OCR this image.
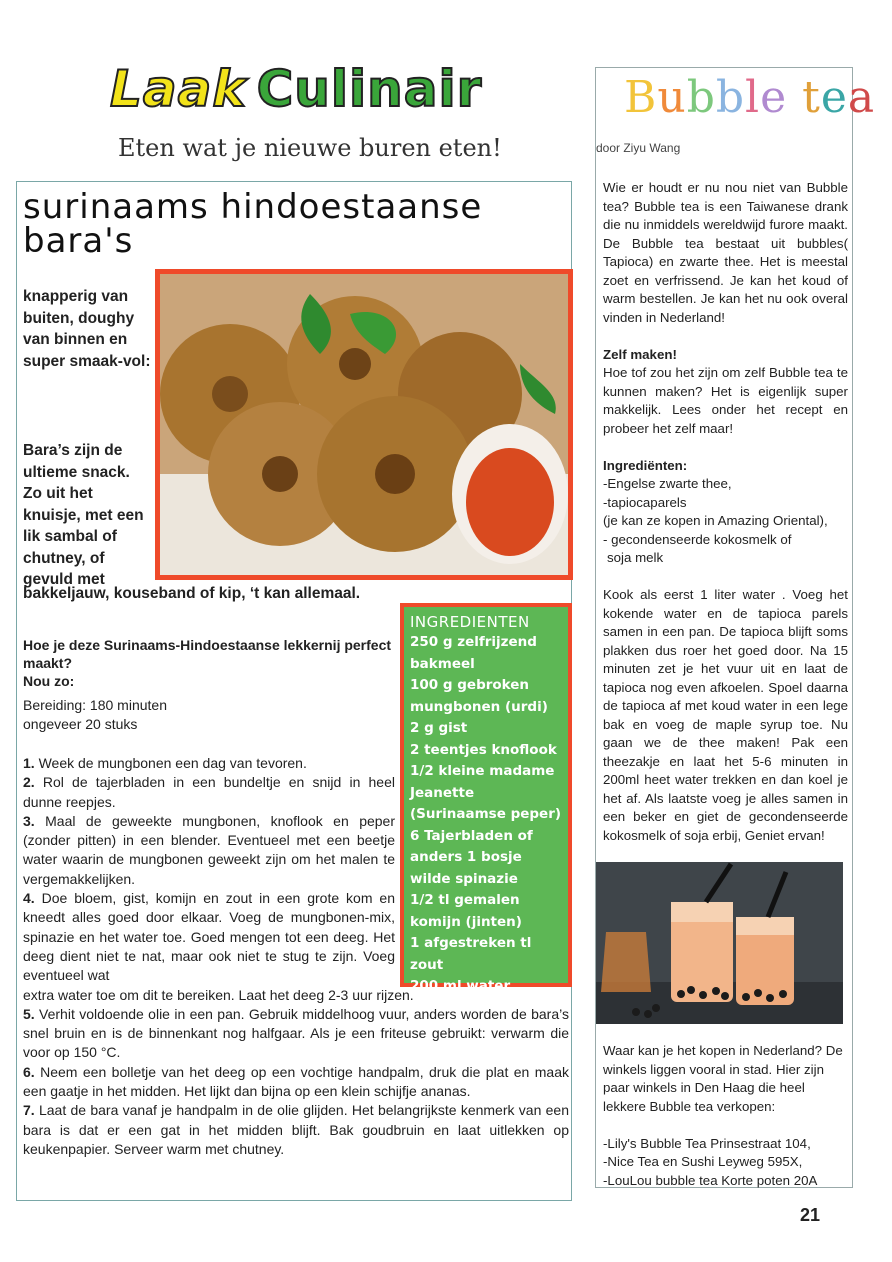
Laak Culinair
Eten wat je nieuwe buren eten!
surinaams hindoestaanse bara's
knapperig van buiten, doughy van binnen en super smaak-vol:
Bara’s zijn de ultieme snack. Zo uit het knuisje, met een lik sambal of chutney, of gevuld met
bakkeljauw, kouseband of kip, ‘t kan allemaal.
Hoe je deze Surinaams-Hindoestaanse lekkernij perfect maakt?
Nou zo:
Bereiding: 180 minuten
ongeveer 20 stuks

1. Week de mungbonen een dag van tevoren.

2. Rol de tajerbladen in een bundeltje en snijd in heel dunne reepjes.

3. Maal de geweekte mungbonen, knoflook en peper (zonder pitten) in een blender. Eventueel met een beetje water waarin de mungbonen geweekt zijn om het malen te vergemakkelijken.

4. Doe bloem, gist, komijn en zout in een grote kom en kneedt alles goed door elkaar. Voeg de mungbonen-mix, spinazie en het water toe. Goed mengen tot een deeg. Het deeg dient niet te nat, maar ook niet te stug te zijn. Voeg eventueel wat

extra water toe om dit te bereiken. Laat het deeg 2-3 uur rijzen.

5. Verhit voldoende olie in een pan. Gebruik middelhoog vuur, anders worden de bara’s snel bruin en is de binnenkant nog halfgaar. Als je een friteuse gebruikt: verwarm die voor op 150 °C.

6. Neem een bolletje van het deeg op een vochtige handpalm, druk die plat en maak een gaatje in het midden. Het lijkt dan bijna op een klein schijfje ananas.

7. Laat de bara vanaf je handpalm in de olie glijden. Het belangrijkste kenmerk van een bara is dat er een gat in het midden blijft. Bak goudbruin en laat uitlekken op keukenpapier. Serveer warm met chutney.

INGREDIENTEN
250 g zelfrijzend bakmeel
100 g gebroken mungbonen (urdi)
2 g gist
2 teentjes knoflook
1/2 kleine madame Jeanette (Surinaamse peper)
6 Tajerbladen of anders 1 bosje wilde spinazie
1/2 tl gemalen komijn (jinten)
1 afgestreken tl zout
200 ml water
Bubble tea
door Ziyu Wang

Wie er houdt er nu nou niet van Bubble tea? Bubble tea is een Taiwanese drank die nu inmiddels wereldwijd furore maakt. De Bubble tea bestaat uit bubbles( Tapioca) en zwarte thee. Het is meestal zoet en verfrissend. Je kan het koud of warm bestellen. Je kan het nu ook overal vinden in Nederland!

Zelf maken!

Hoe tof zou het zijn om zelf Bubble tea te kunnen maken? Het is eigenlijk super makkelijk. Lees onder het recept en probeer het zelf maar!

Ingrediënten:
-Engelse zwarte thee,
-tapiocaparels
(je kan ze kopen in Amazing Oriental),
- gecondenseerde kokosmelk of

soja melk

Kook als eerst 1 liter water . Voeg het kokende water en de tapioca parels samen in een pan. De tapioca blijft soms plakken dus roer het goed door. Na 15 minuten zet je het vuur uit en laat de tapioca nog even afkoelen. Spoel daarna de tapioca af met koud water in een lege bak en voeg de maple syrup toe. Nu gaan we de thee maken! Pak een theezakje en laat het 5-6 minuten in 200ml heet water trekken en dan koel je het af. Als laatste voeg je alles samen in een beker en giet de gecondenseerde kokosmelk of soja erbij, Geniet ervan!

Waar kan je het kopen in Nederland? De winkels liggen vooral in stad. Hier zijn paar winkels in Den Haag die heel lekkere Bubble tea verkopen:

-Lily's Bubble Tea Prinsestraat 104,
-Nice Tea en Sushi Leyweg 595X,
-LouLou bubble tea Korte poten 20A
21
